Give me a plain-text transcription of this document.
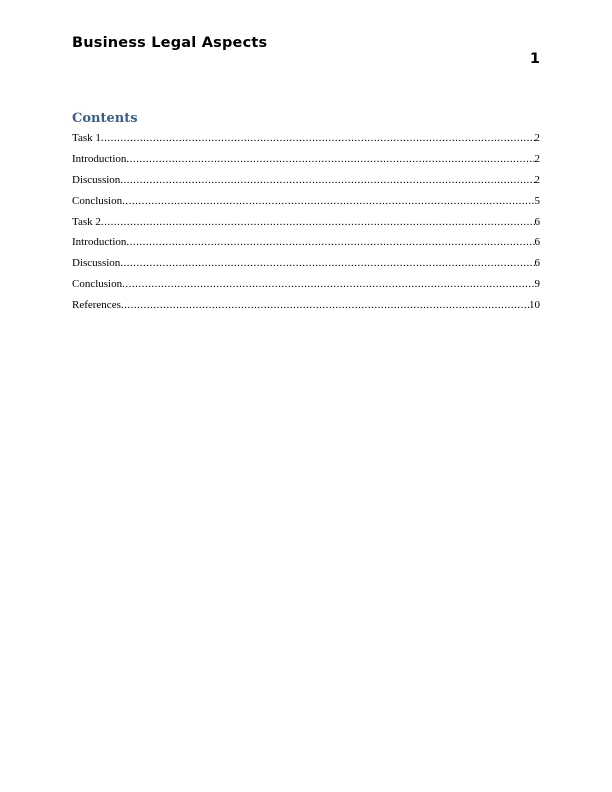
Business Legal Aspects
1
Contents
Task 1 .....	2
Introduction .....	2
Discussion .....	2
Conclusion .....	5
Task 2 .....	6
Introduction .....	6
Discussion .....	6
Conclusion .....	9
References .....	10
